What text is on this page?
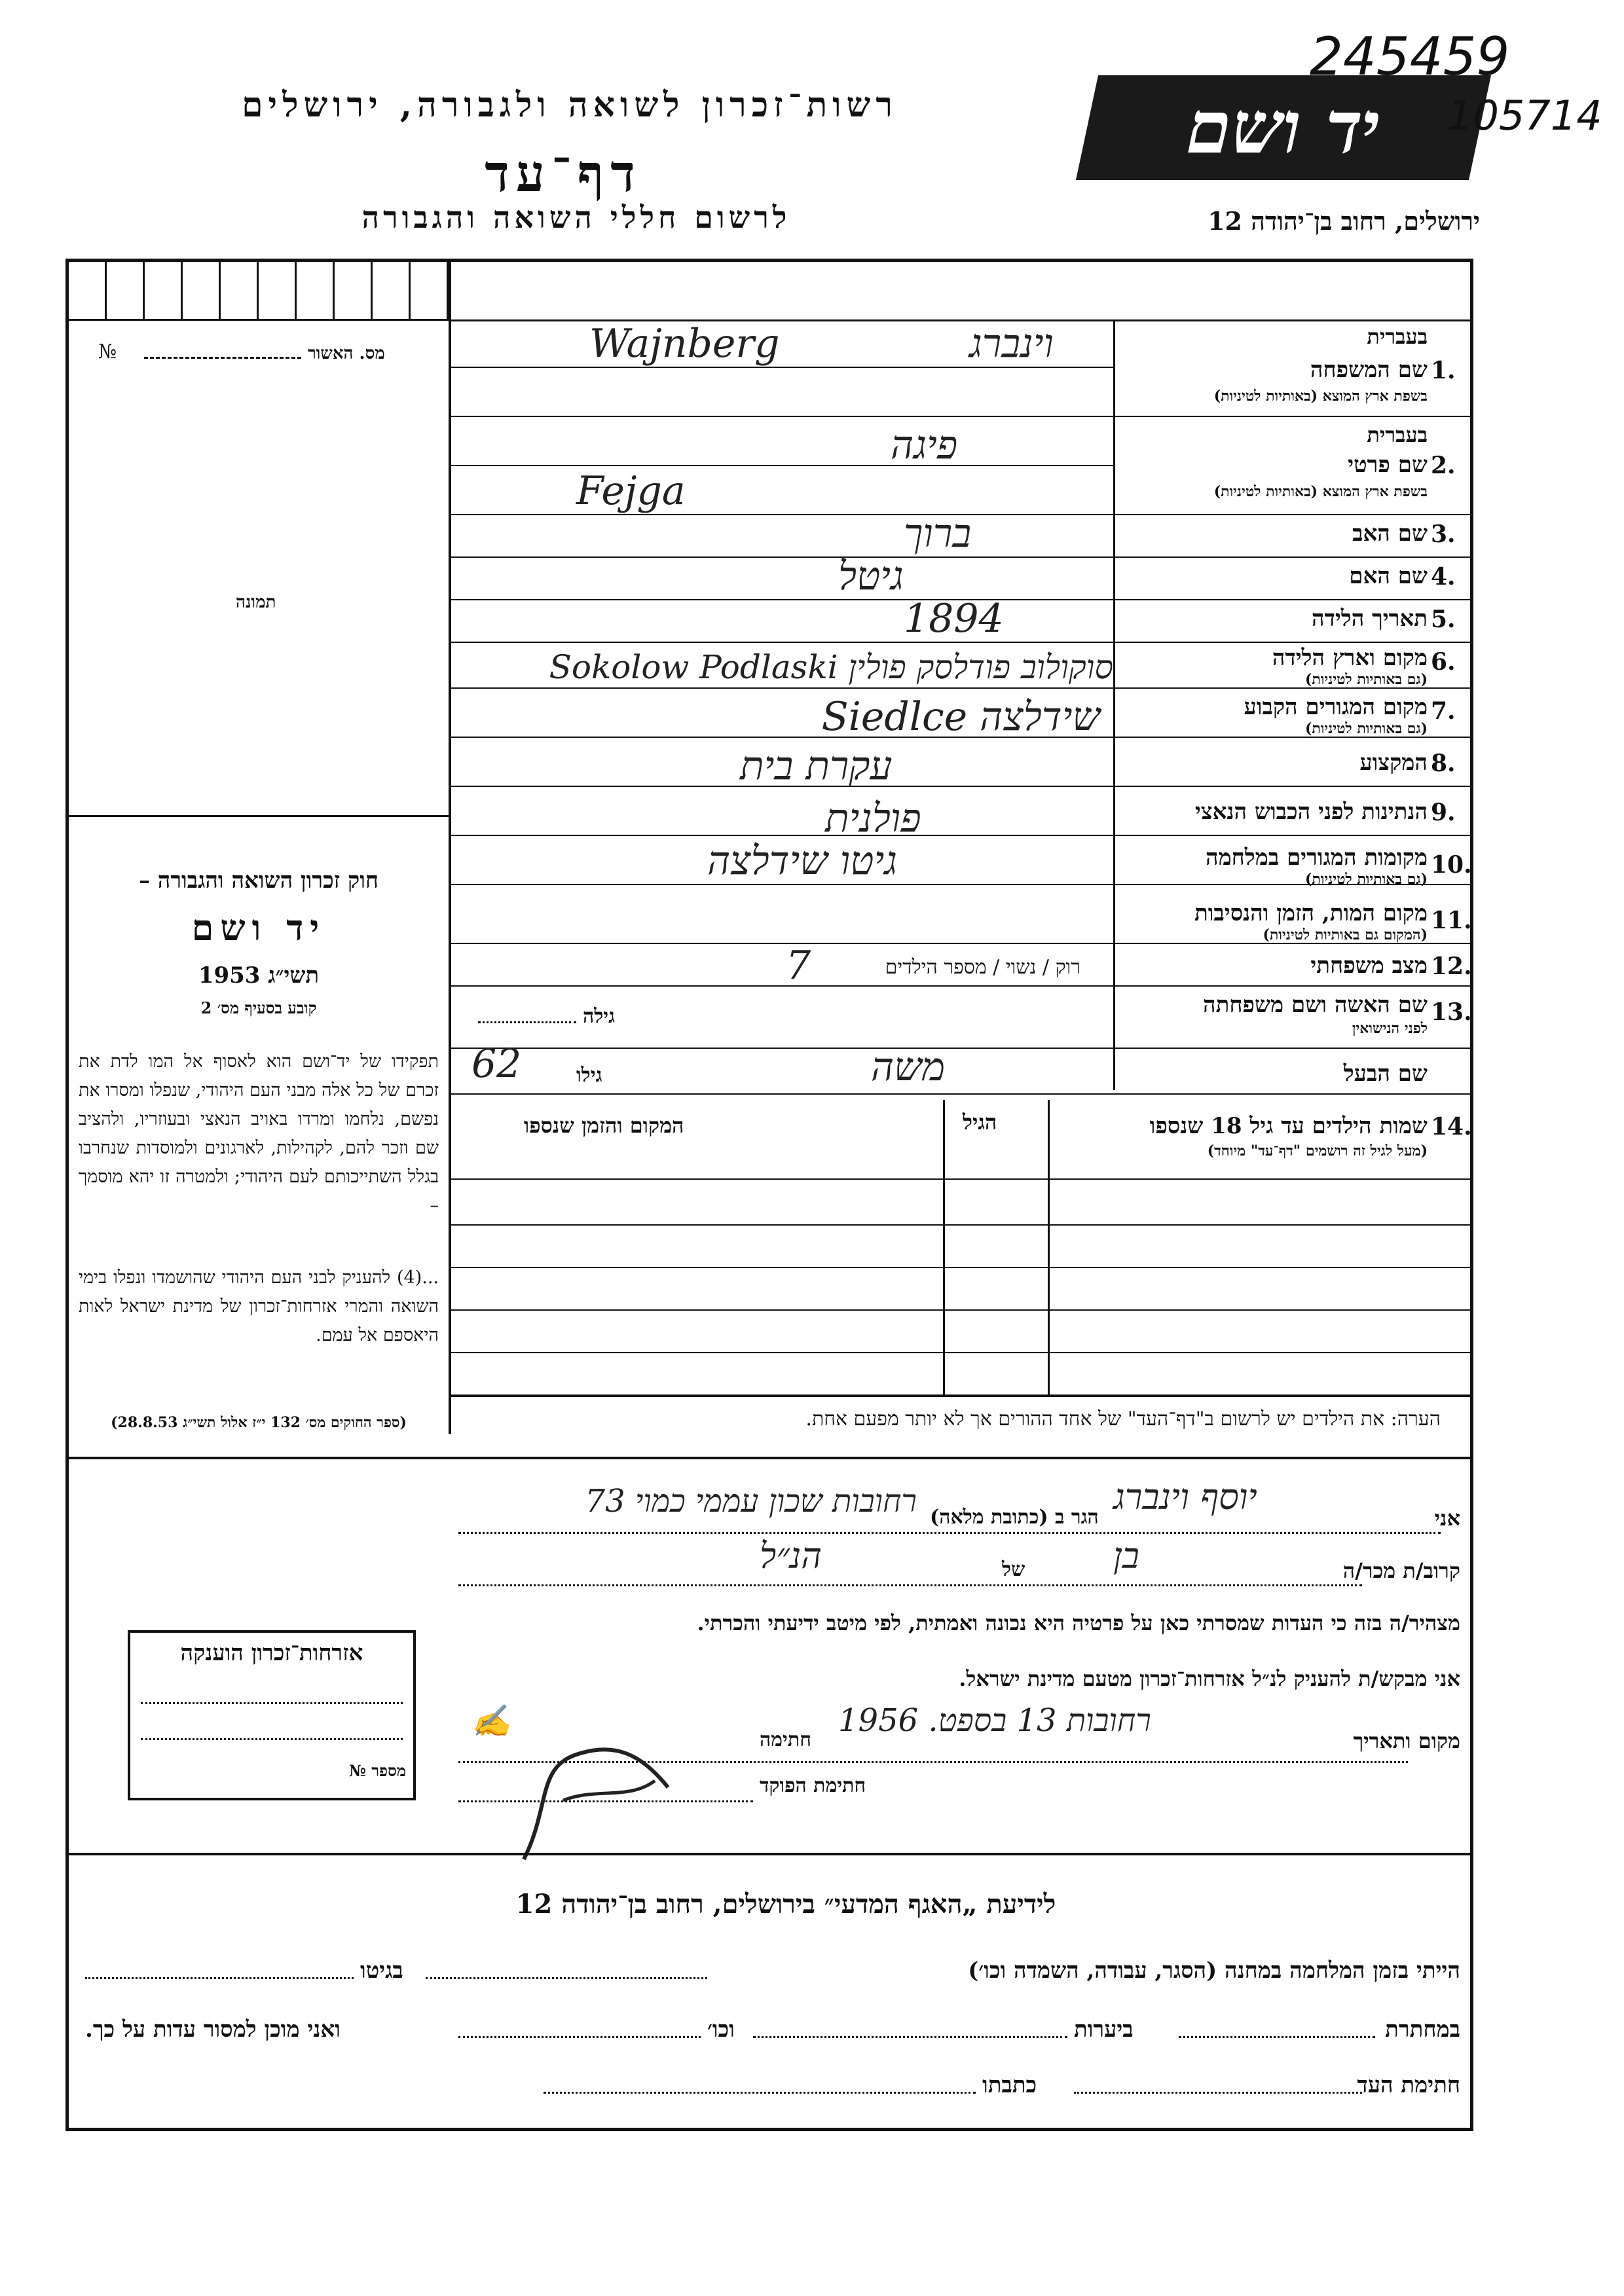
רשות־זכרון לשואה ולגבורה, ירושלים
דף־עד
לרשום חללי השואה והגבורה
יד ושם
ירושלים, רחוב בן־יהודה 12
245459
105714
מס. האשור
№
תמונה
חוק זכרון השואה והגבורה –
יד ושם
תשי״ג 1953
קובע בסעיף מס׳ 2
תפקידו של יד־ושם הוא לאסוף אל המו לדת את זכרם של כל אלה מבני העם היהודי, שנפלו ומסרו את נפשם, נלחמו ומרדו באויב הנאצי ובעוזריו, ולהציב שם וזכר להם, לקהילות, לארגונים ולמוסדות שנחרבו בגלל השתייכותם לעם היהודי; ולמטרה זו יהא מוסמך –
...(4) להעניק לבני העם היהודי שהושמדו ונפלו בימי השואה והמרי אזרחות־זכרון של מדינת ישראל לאות היאספם אל עמם.
(ספר החוקים מס׳ 132 י״ז אלול תשי״ג 28.8.53)
1.
בעברית
שם המשפחה
בשפת ארץ המוצא (באותיות לטיניות)
וינברג
Wajnberg
2.
בעברית
שם פרטי
בשפת ארץ המוצא (באותיות לטיניות)
פיגה
Fejga
3.
שם האב
ברוך
4.
שם האם
גיטל
5.
תאריך הלידה
1894
6.
מקום וארץ הלידה
(גם באותיות לטיניות)
סוקולוב פודלסק פולין Sokolow Podlaski
7.
מקום המגורים הקבוע
(גם באותיות לטיניות)
שידלצה Siedlce
8.
המקצוע
עקרת בית
9.
הנתינות לפני הכבוש הנאצי
פולנית
10.
מקומות המגורים במלחמה
(גם באותיות לטיניות)
גיטו שידלצה
11.
מקום המות, הזמן והנסיבות
(המקום גם באותיות לטיניות)
12.
מצב משפחתי
רוק / נשוי / מספר הילדים
7
13.
שם האשה ושם משפחתה
לפני הנישואין
גילה
שם הבעל
גילו
62	משה
14.
שמות הילדים עד גיל 18 שנספו
(מעל לגיל זה רושמים "דף־עד" מיוחד)
המקום והזמן שנספו	הגיל
הערה: את הילדים יש לרשום ב"דף־העד" של אחד ההורים אך לא יותר מפעם אחת.
אני
יוסף וינברג
הגר ב (כתובת מלאה)
רחובות שכון עממי כמוי 73
קרוב/ת מכר/ה
בן
של
הנ״ל
מצהיר/ה בזה כי העדות שמסרתי כאן על פרטיה היא נכונה ואמתית, לפי מיטב ידיעתי והכרתי.
אני מבקש/ת להעניק לנ״ל אזרחות־זכרון מטעם מדינת ישראל.
מקום ותאריך
רחובות 13 בספט. 1956
חתימה
✍
חתימת הפוקד
אזרחות־זכרון הוענקה
מספר №
לידיעת „האגף המדעי״ בירושלים, רחוב בן־יהודה 12
הייתי בזמן המלחמה במחנה (הסגר, עבודה, השמדה וכו׳)
בגיטו
במחתרת
ביערות
וכו׳
ואני מוכן למסור עדות על כך.
חתימת העד
כתבתו
